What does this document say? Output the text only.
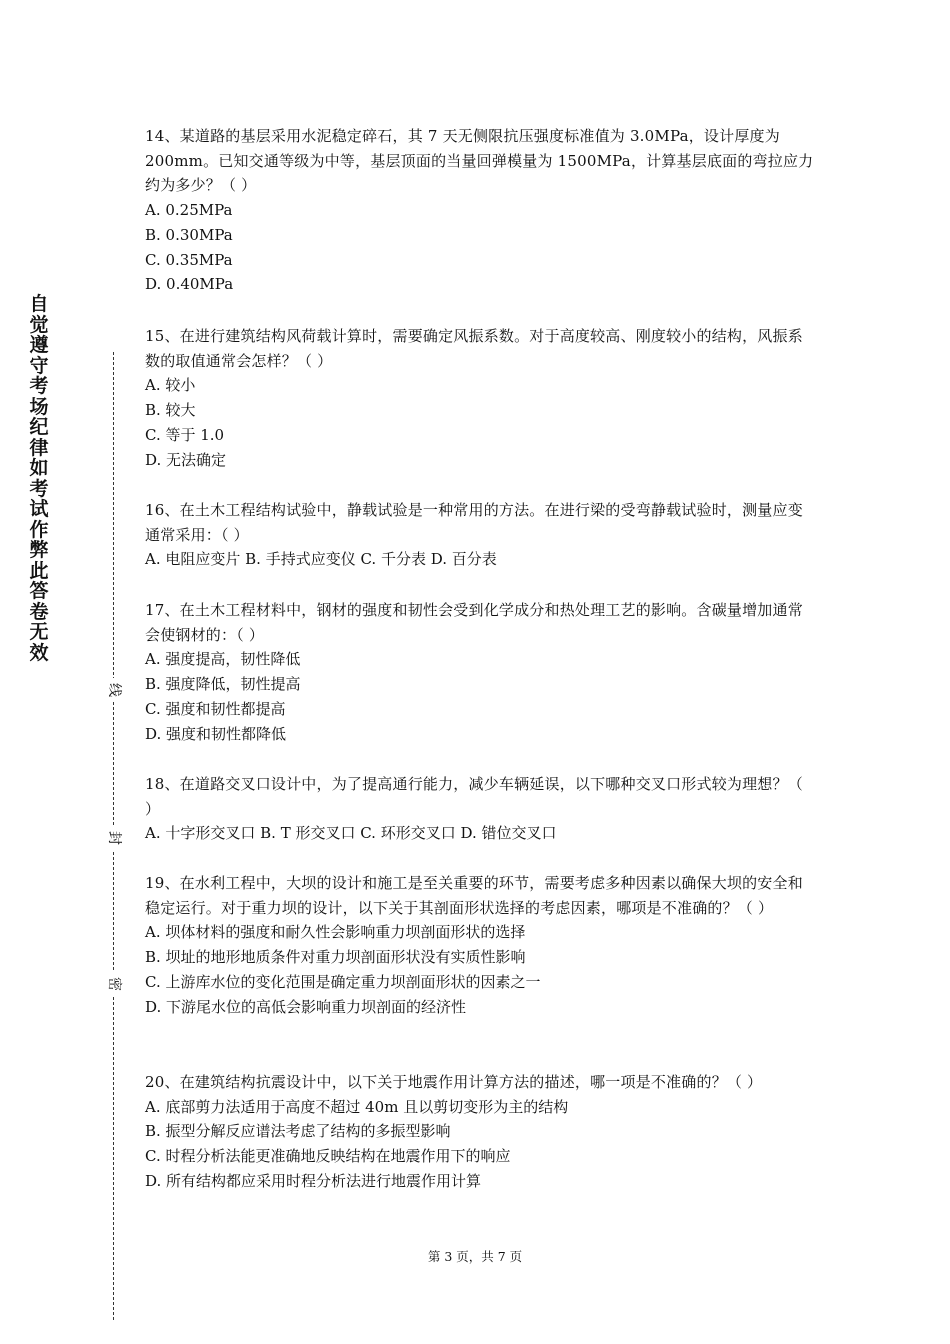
自觉遵守考场纪律如考试作弊此答卷无效
线
封
密

14、某道路的基层采用水泥稳定碎石，其 7 天无侧限抗压强度标准值为 3.0MPa，设计厚度为 200mm。已知交通等级为中等，基层顶面的当量回弹模量为 1500MPa，计算基层底面的弯拉应力约为多少？（ ）

A. 0.25MPa

B. 0.30MPa

C. 0.35MPa

D. 0.40MPa

15、在进行建筑结构风荷载计算时，需要确定风振系数。对于高度较高、刚度较小的结构，风振系数的取值通常会怎样？（ ）

A. 较小

B. 较大

C. 等于 1.0

D. 无法确定

16、在土木工程结构试验中，静载试验是一种常用的方法。在进行梁的受弯静载试验时，测量应变通常采用：（ ）

A. 电阻应变片 B. 手持式应变仪 C. 千分表 D. 百分表

17、在土木工程材料中，钢材的强度和韧性会受到化学成分和热处理工艺的影响。含碳量增加通常会使钢材的：（ ）

A. 强度提高，韧性降低

B. 强度降低，韧性提高

C. 强度和韧性都提高

D. 强度和韧性都降低

18、在道路交叉口设计中，为了提高通行能力，减少车辆延误，以下哪种交叉口形式较为理想？（ ）

A. 十字形交叉口 B. T 形交叉口 C. 环形交叉口 D. 错位交叉口

19、在水利工程中，大坝的设计和施工是至关重要的环节，需要考虑多种因素以确保大坝的安全和稳定运行。对于重力坝的设计，以下关于其剖面形状选择的考虑因素，哪项是不准确的？（ ）

A. 坝体材料的强度和耐久性会影响重力坝剖面形状的选择

B. 坝址的地形地质条件对重力坝剖面形状没有实质性影响

C. 上游库水位的变化范围是确定重力坝剖面形状的因素之一

D. 下游尾水位的高低会影响重力坝剖面的经济性

20、在建筑结构抗震设计中，以下关于地震作用计算方法的描述，哪一项是不准确的？（ ）

A. 底部剪力法适用于高度不超过 40m 且以剪切变形为主的结构

B. 振型分解反应谱法考虑了结构的多振型影响

C. 时程分析法能更准确地反映结构在地震作用下的响应

D. 所有结构都应采用时程分析法进行地震作用计算

第 3 页，共 7 页
